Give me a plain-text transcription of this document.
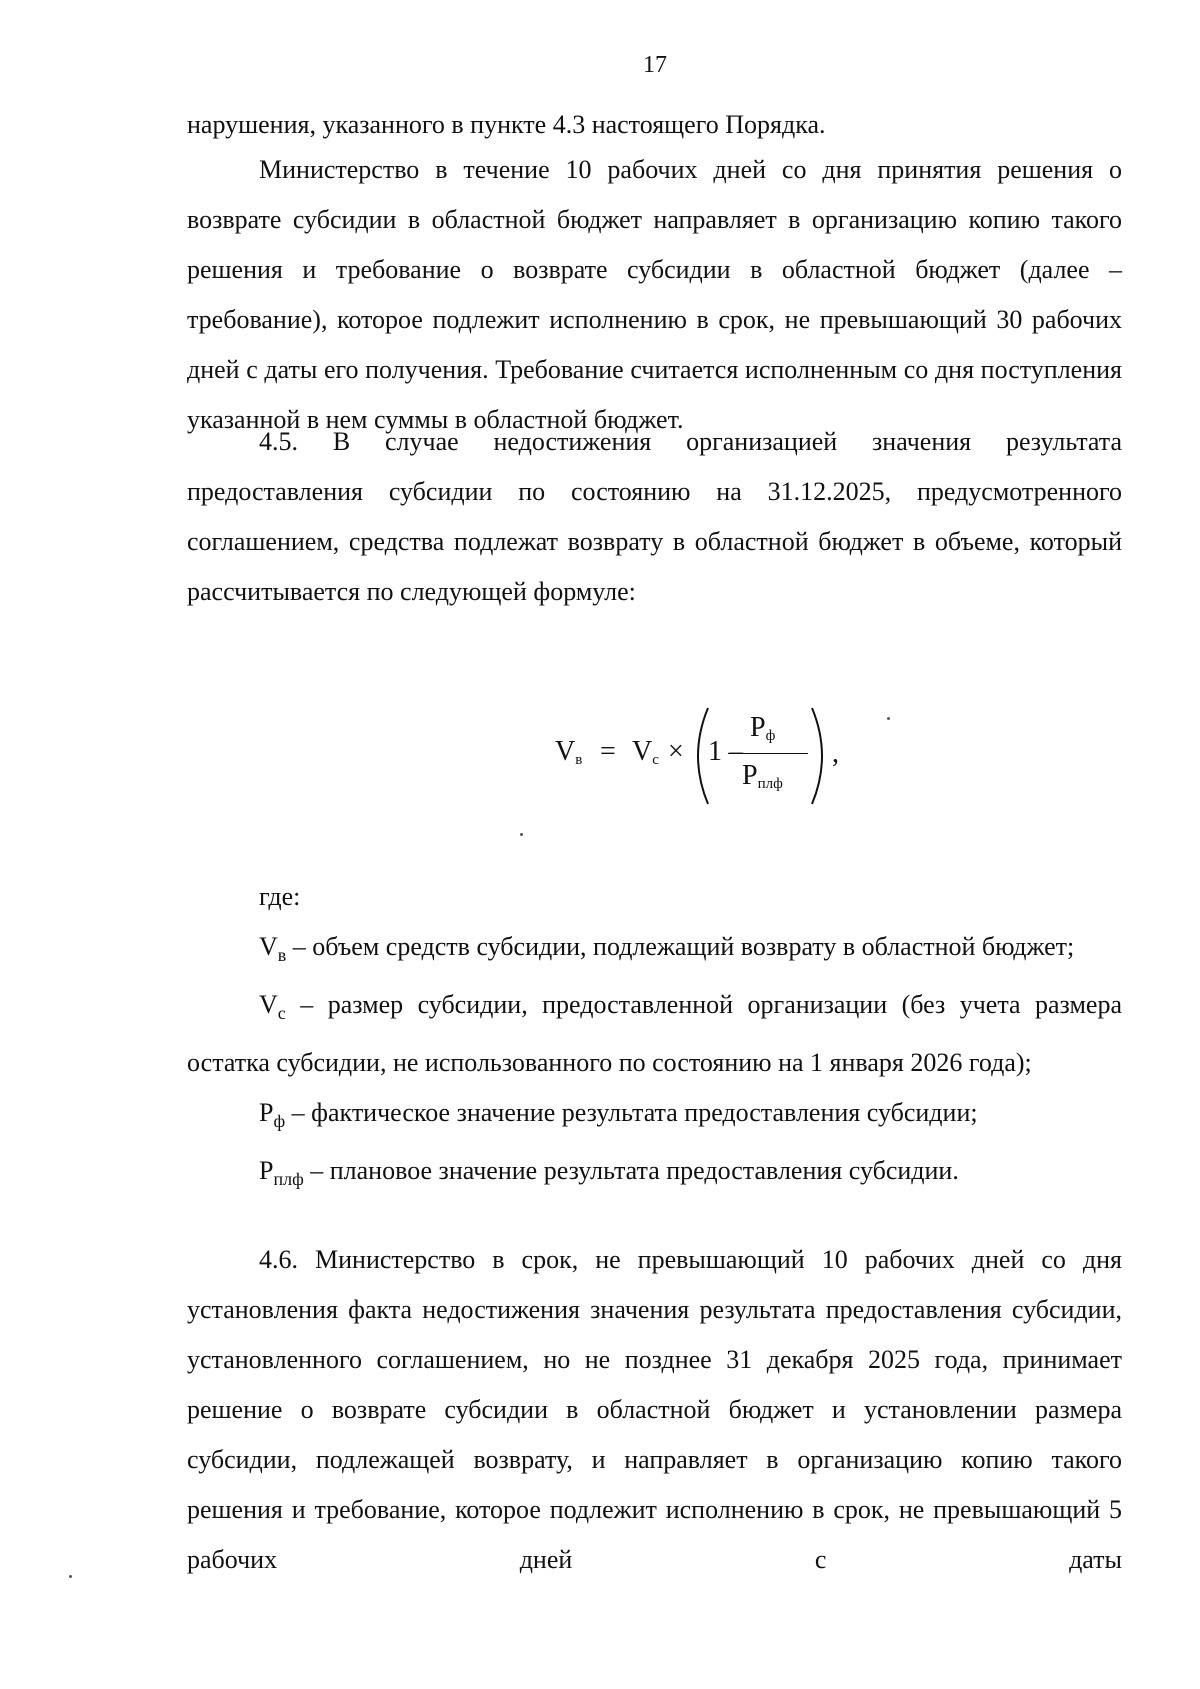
17

нарушения, указанного в пункте 4.3 настоящего Порядка.

Министерство в течение 10 рабочих дней со дня принятия решения о возврате субсидии в областной бюджет направляет в организацию копию такого решения и требование о возврате субсидии в областной бюджет (далее – требование), которое подлежит исполнению в срок, не превышающий 30 рабочих дней с даты его получения. Требование считается исполненным со дня поступления указанной в нем суммы в областной бюджет.

4.5. В случае недостижения организацией значения результата предоставления субсидии по состоянию на 31.12.2025, предусмотренного соглашением, средства подлежат возврату в областной бюджет в объеме, который рассчитывается по следующей формуле:

$V_в = V_с \times 1$ –
$P_ф$
$P_{плф}$
,

где:

$V_в$ – объем средств субсидии, подлежащий возврату в областной бюджет;

$V_с$ – размер субсидии, предоставленной организации (без учета размера остатка субсидии, не использованного по состоянию на 1 января 2026 года);

$P_ф$ – фактическое значение результата предоставления субсидии;

$P_{плф}$ – плановое значение результата предоставления субсидии.

4.6. Министерство в срок, не превышающий 10 рабочих дней со дня установления факта недостижения значения результата предоставления субсидии, установленного соглашением, но не позднее 31 декабря 2025 года, принимает решение о возврате субсидии в областной бюджет и установлении размера субсидии, подлежащей возврату, и направляет в организацию копию такого решения и требование, которое подлежит исполнению в срок, не превышающий 5 рабочих дней с даты
